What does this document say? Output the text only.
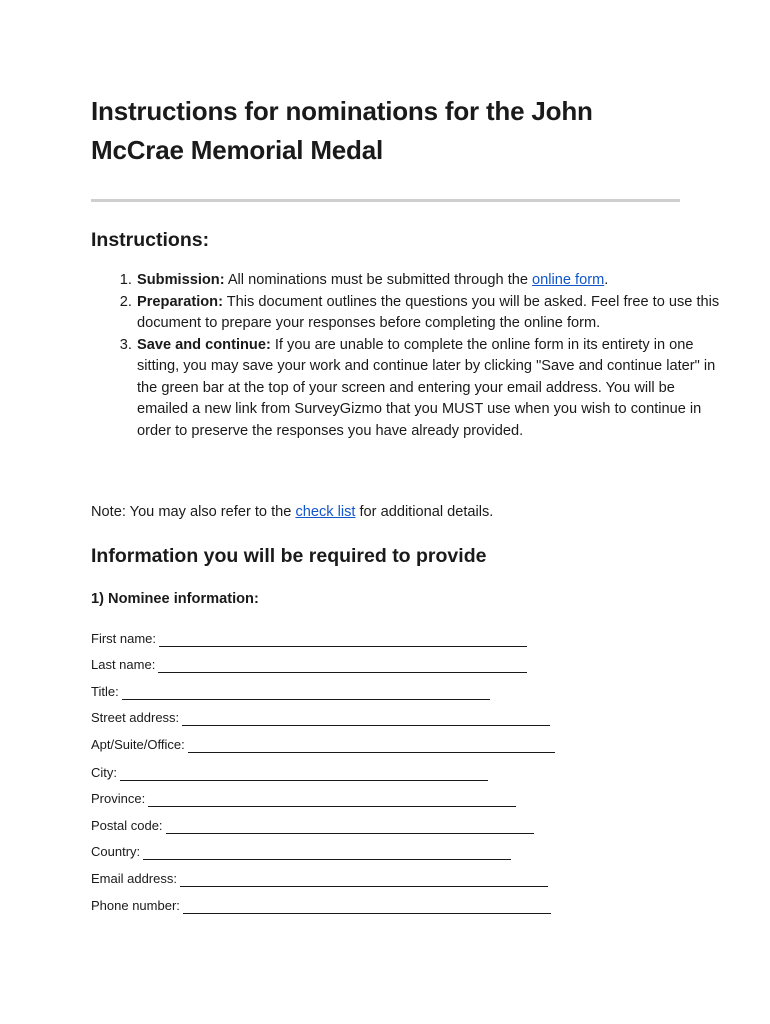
Instructions for nominations for the John McCrae Memorial Medal
Instructions:
1. Submission: All nominations must be submitted through the online form.
2. Preparation: This document outlines the questions you will be asked. Feel free to use this document to prepare your responses before completing the online form.
3. Save and continue: If you are unable to complete the online form in its entirety in one sitting, you may save your work and continue later by clicking "Save and continue later" in the green bar at the top of your screen and entering your email address. You will be emailed a new link from SurveyGizmo that you MUST use when you wish to continue in order to preserve the responses you have already provided.

Note: You may also refer to the check list for additional details.

Information you will be required to provide

1) Nominee information:

First name:
Last name:
Title:
Street address:
Apt/Suite/Office:
City:
Province:
Postal code:
Country:
Email address:
Phone number:
